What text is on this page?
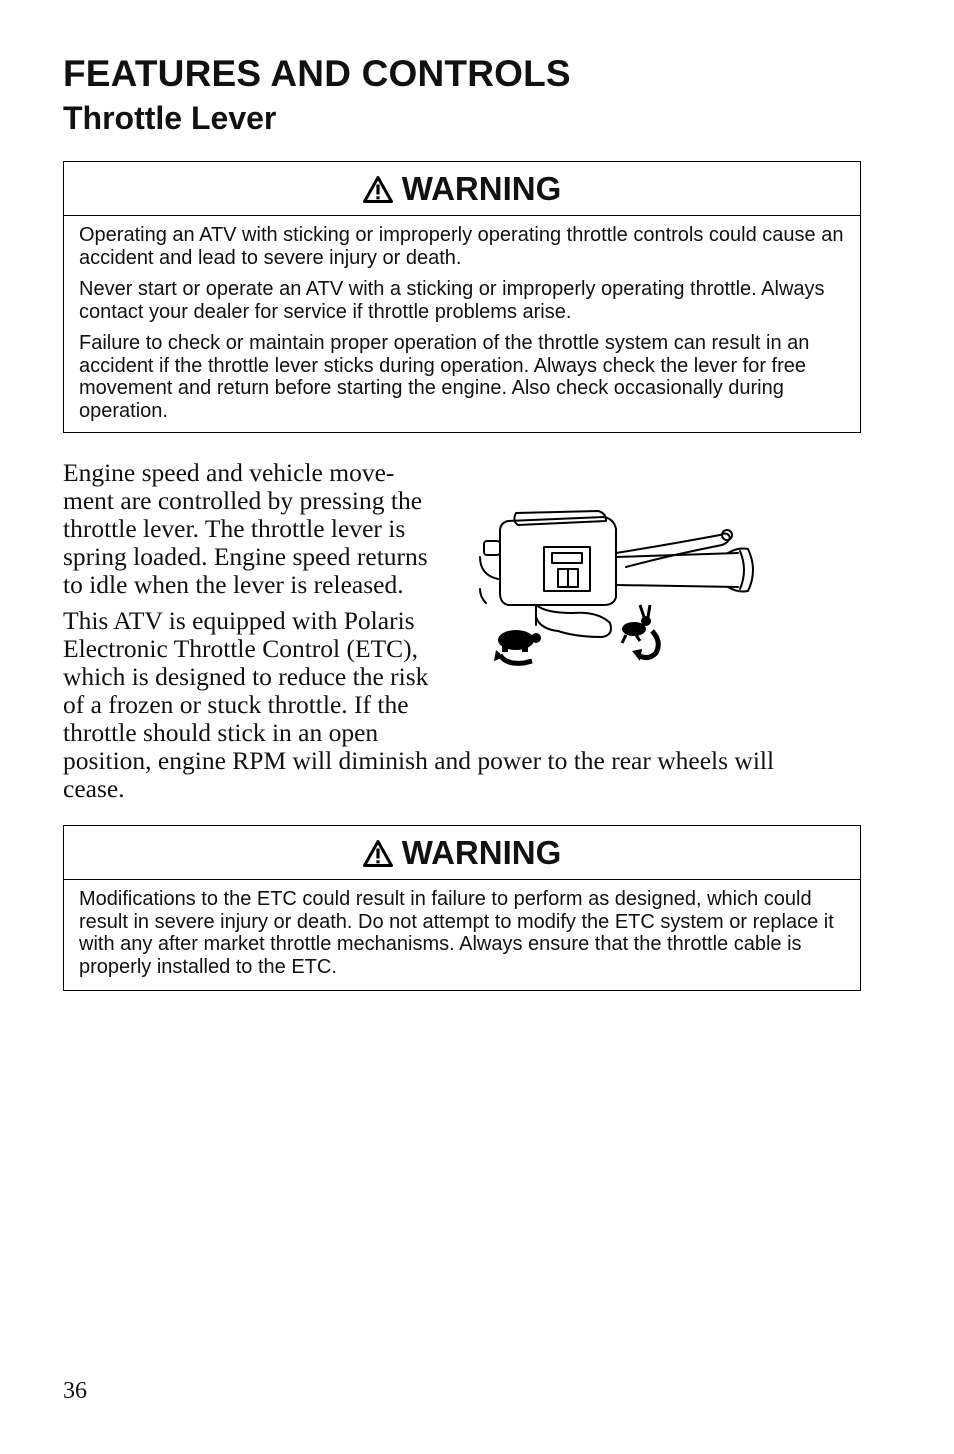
FEATURES AND CONTROLS
Throttle Lever
WARNING

Operating an ATV with sticking or improperly operating throttle controls could cause an accident and lead to severe injury or death.

Never start or operate an ATV with a sticking or improperly operating throttle. Always contact your dealer for service if throttle problems arise.

Failure to check or maintain proper operation of the throttle system can result in an accident if the throttle lever sticks during operation. Always check the lever for free movement and return before starting the engine. Also check occasionally during operation.

Engine speed and vehicle move-
ment are controlled by pressing the
throttle lever. The throttle lever is
spring loaded. Engine speed returns
to idle when the lever is released.
This ATV is equipped with Polaris
Electronic Throttle Control (ETC),
which is designed to reduce the risk
of a frozen or stuck throttle. If the
throttle should stick in an open
position, engine RPM will diminish and power to the rear wheels will
cease.
WARNING

Modifications to the ETC could result in failure to perform as designed, which could result in severe injury or death. Do not attempt to modify the ETC system or replace it with any after market throttle mechanisms. Always ensure that the throttle cable is properly installed to the ETC.

36
